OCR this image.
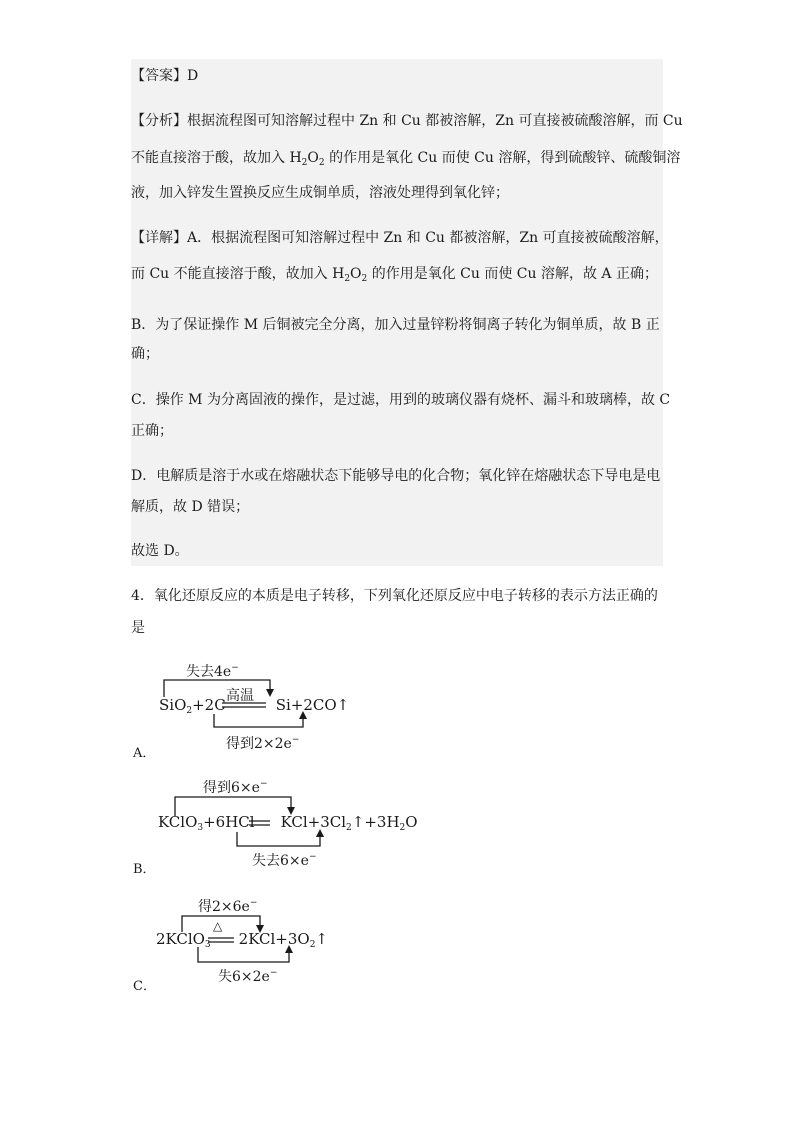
【答案】D
【分析】根据流程图可知溶解过程中 Zn 和 Cu 都被溶解，Zn 可直接被硫酸溶解，而 Cu
不能直接溶于酸，故加入 $H_2O_2$ 的作用是氧化 Cu 而使 Cu 溶解，得到硫酸锌、硫酸铜溶
液，加入锌发生置换反应生成铜单质，溶液处理得到氧化锌；
【详解】A．根据流程图可知溶解过程中 Zn 和 Cu 都被溶解，Zn 可直接被硫酸溶解，
而 Cu 不能直接溶于酸，故加入 $H_2O_2$ 的作用是氧化 Cu 而使 Cu 溶解，故 A 正确；
B．为了保证操作 M 后铜被完全分离，加入过量锌粉将铜离子转化为铜单质，故 B 正
确；
C．操作 M 为分离固液的操作，是过滤，用到的玻璃仪器有烧杯、漏斗和玻璃棒，故 C
正确；
D．电解质是溶于水或在熔融状态下能够导电的化合物；氧化锌在熔融状态下导电是电
解质，故 D 错误；
故选 D。
4．氧化还原反应的本质是电子转移，下列氧化还原反应中电子转移的表示方法正确的
是
失去4e−
高温
SiO$_2$+2C	Si+2CO↑
得到2×2e−
A．
得到6×e−
KClO$_3$+6HCl $KCl+3Cl_2↑+3H_2O$
失去6×e−
B．
得2×6e−
△
2KClO$_3$ $2KCl+3O_2↑$
失6×2e−
C．
